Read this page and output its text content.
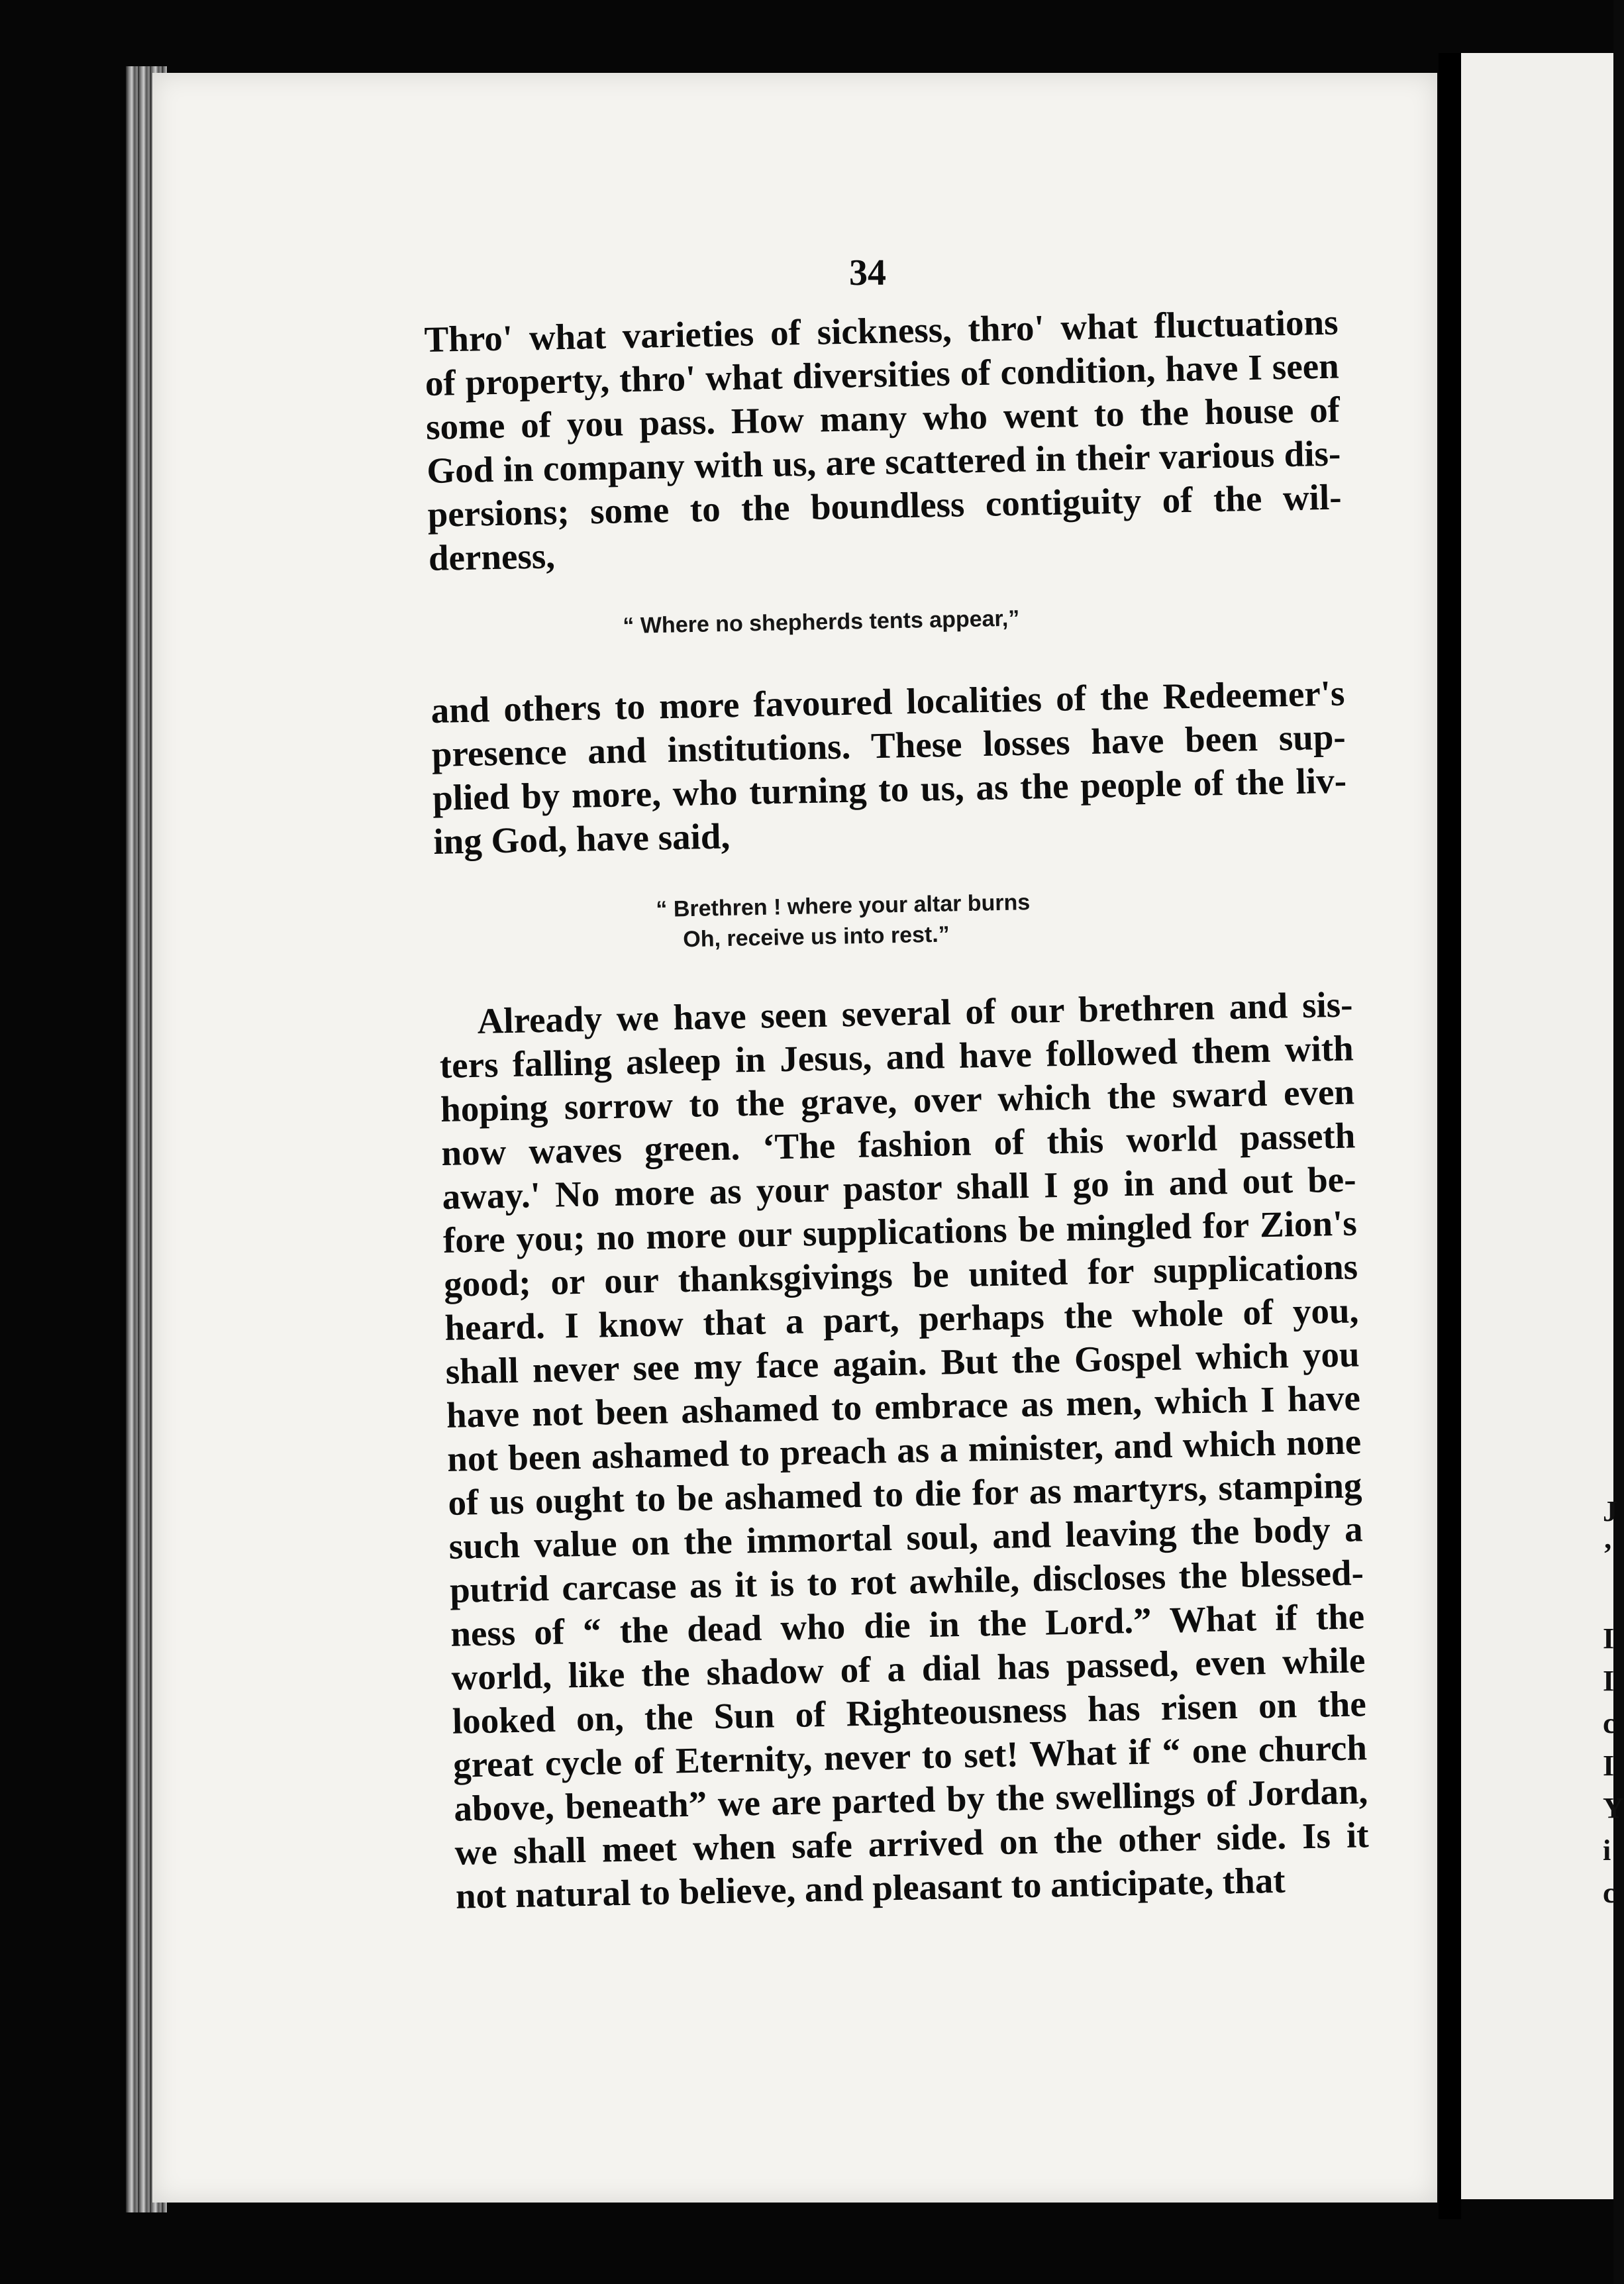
J
’

I
I
c
I
Y
i
c
34
Thro' what varieties of sickness, thro' what fluctuations
of property, thro' what diversities of condition, have I seen
some of you pass. How many who went to the house of
God in company with us, are scattered in their various dis-
persions; some to the boundless contiguity of the wil-
derness,
“ Where no shepherds tents appear,”
and others to more favoured localities of the Redeemer's
presence and institutions. These losses have been sup-
plied by more, who turning to us, as the people of the liv-
ing God, have said,
“ Brethren ! where your altar burns
Oh, receive us into rest.”
Already we have seen several of our brethren and sis-
ters falling asleep in Jesus, and have followed them with
hoping sorrow to the grave, over which the sward even
now waves green. ‘The fashion of this world passeth
away.' No more as your pastor shall I go in and out be-
fore you; no more our supplications be mingled for Zion's
good; or our thanksgivings be united for supplications
heard. I know that a part, perhaps the whole of you,
shall never see my face again. But the Gospel which you
have not been ashamed to embrace as men, which I have
not been ashamed to preach as a minister, and which none
of us ought to be ashamed to die for as martyrs, stamping
such value on the immortal soul, and leaving the body a
putrid carcase as it is to rot awhile, discloses the blessed-
ness of “ the dead who die in the Lord.” What if the
world, like the shadow of a dial has passed, even while
looked on, the Sun of Righteousness has risen on the
great cycle of Eternity, never to set! What if “ one church
above, beneath” we are parted by the swellings of Jordan,
we shall meet when safe arrived on the other side. Is it
not natural to believe, and pleasant to anticipate, that
